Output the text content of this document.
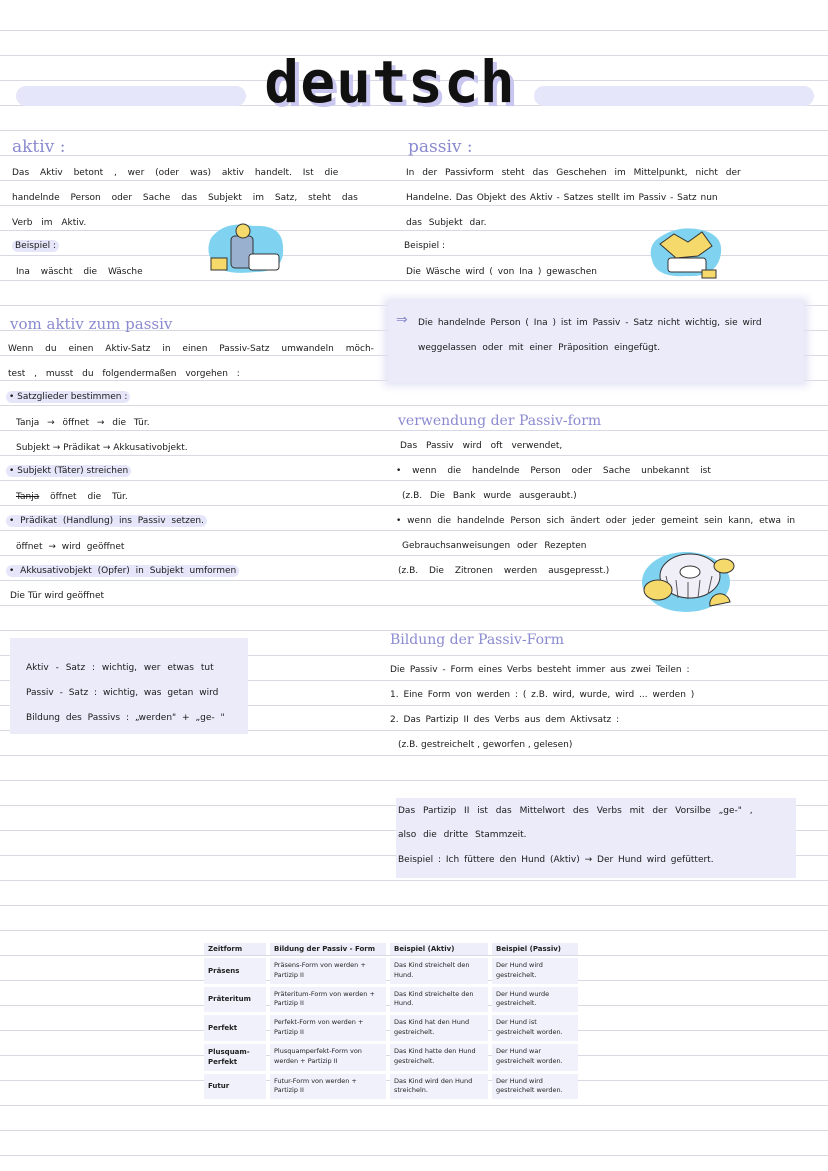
deutsch
aktiv :
Das Aktiv betont , wer (oder was) aktiv handelt. Ist die
handelnde Person oder Sache das Subjekt im Satz, steht das
Verb im Aktiv.
Beispiel :
Ina wäscht die Wäsche
passiv :
In der Passivform steht das Geschehen im Mittelpunkt, nicht der
Handelne. Das Objekt des Aktiv - Satzes stellt im Passiv - Satz nun
das Subjekt dar.
Beispiel :
Die Wäsche wird ( von Ina ) gewaschen
vom aktiv zum passiv
Wenn du einen Aktiv-Satz in einen Passiv-Satz umwandeln möch-
test , musst du folgendermaßen vorgehen :
• Satzglieder bestimmen :
Tanja → öffnet → die Tür.
Subjekt → Prädikat → Akkusativobjekt.
• Subjekt (Täter) streichen
Tanja öffnet die Tür.
• Prädikat (Handlung) ins Passiv setzen.
öffnet → wird geöffnet
• Akkusativobjekt (Opfer) in Subjekt umformen
Die Tür wird geöffnet
⇒ Die handelnde Person ( Ina ) ist im Passiv - Satz nicht wichtig, sie wird
weggelassen oder mit einer Präposition eingefügt.
verwendung der Passiv-form
Das Passiv wird oft verwendet,
• wenn die handelnde Person oder Sache unbekannt ist
(z.B. Die Bank wurde ausgeraubt.)
• wenn die handelnde Person sich ändert oder jeder gemeint sein kann, etwa in
Gebrauchsanweisungen oder Rezepten
(z.B. Die Zitronen werden ausgepresst.)
Aktiv - Satz : wichtig, wer etwas tut
Passiv - Satz : wichtig, was getan wird
Bildung des Passivs : „werden" + „ge- "
Bildung der Passiv-Form
Die Passiv - Form eines Verbs besteht immer aus zwei Teilen :
1. Eine Form von werden : ( z.B. wird, wurde, wird ... werden )
2. Das Partizip II des Verbs aus dem Aktivsatz :
(z.B. gestreichelt , geworfen , gelesen)
Das Partizip II ist das Mittelwort des Verbs mit der Vorsilbe „ge-" ,
also die dritte Stammzeit.
Beispiel : Ich füttere den Hund (Aktiv) → Der Hund wird gefüttert.
Zeitform	Bildung der Passiv - Form	Beispiel (Aktiv)	Beispiel (Passiv)
Präsens	Präsens-Form von werden + Partizip II	Das Kind streichelt den Hund.	Der Hund wird gestreichelt.
Präteritum	Präteritum-Form von werden + Partizip II	Das Kind streichelte den Hund.	Der Hund wurde gestreichelt.
Perfekt	Perfekt-Form von werden + Partizip II	Das Kind hat den Hund gestreichelt.	Der Hund ist gestreichelt worden.
Plusquam-Perfekt	Plusquamperfekt-Form von werden + Partizip II	Das Kind hatte den Hund gestreichelt.	Der Hund war gestreichelt worden.
Futur	Futur-Form von werden + Partizip II	Das Kind wird den Hund streicheln.	Der Hund wird gestreichelt werden.
